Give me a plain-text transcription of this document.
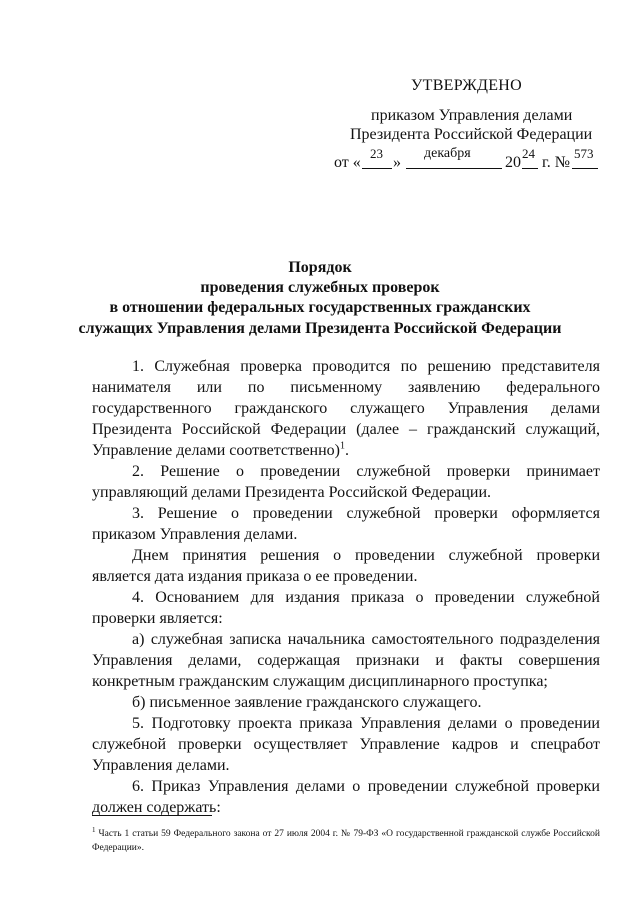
УТВЕРЖДЕНО
приказом Управления делами
Президента Российской Федерации
от «
23
»
декабря
20
24
г. №
573
Порядок
проведения служебных проверок
в отношении федеральных государственных гражданских
служащих Управления делами Президента Российской Федерации
1. Служебная проверка проводится по решению представителя нанимателя или по письменному заявлению федерального государственного гражданского служащего Управления делами Президента Российской Федерации (далее – гражданский служащий, Управление делами соответственно)$^1$.
2. Решение о проведении служебной проверки принимает управляющий делами Президента Российской Федерации.
3. Решение о проведении служебной проверки оформляется приказом Управления делами.
Днем принятия решения о проведении служебной проверки является дата издания приказа о ее проведении.
4. Основанием для издания приказа о проведении служебной проверки является:
а) служебная записка начальника самостоятельного подразделения Управления делами, содержащая признаки и факты совершения конкретным гражданским служащим дисциплинарного проступка;
б) письменное заявление гражданского служащего.
5. Подготовку проекта приказа Управления делами о проведении служебной проверки осуществляет Управление кадров и спецработ Управления делами.
6. Приказ Управления делами о проведении служебной проверки должен содержать:
$^1$ Часть 1 статьи 59 Федерального закона от 27 июля 2004 г. № 79-ФЗ «О государственной гражданской службе Российской Федерации».
